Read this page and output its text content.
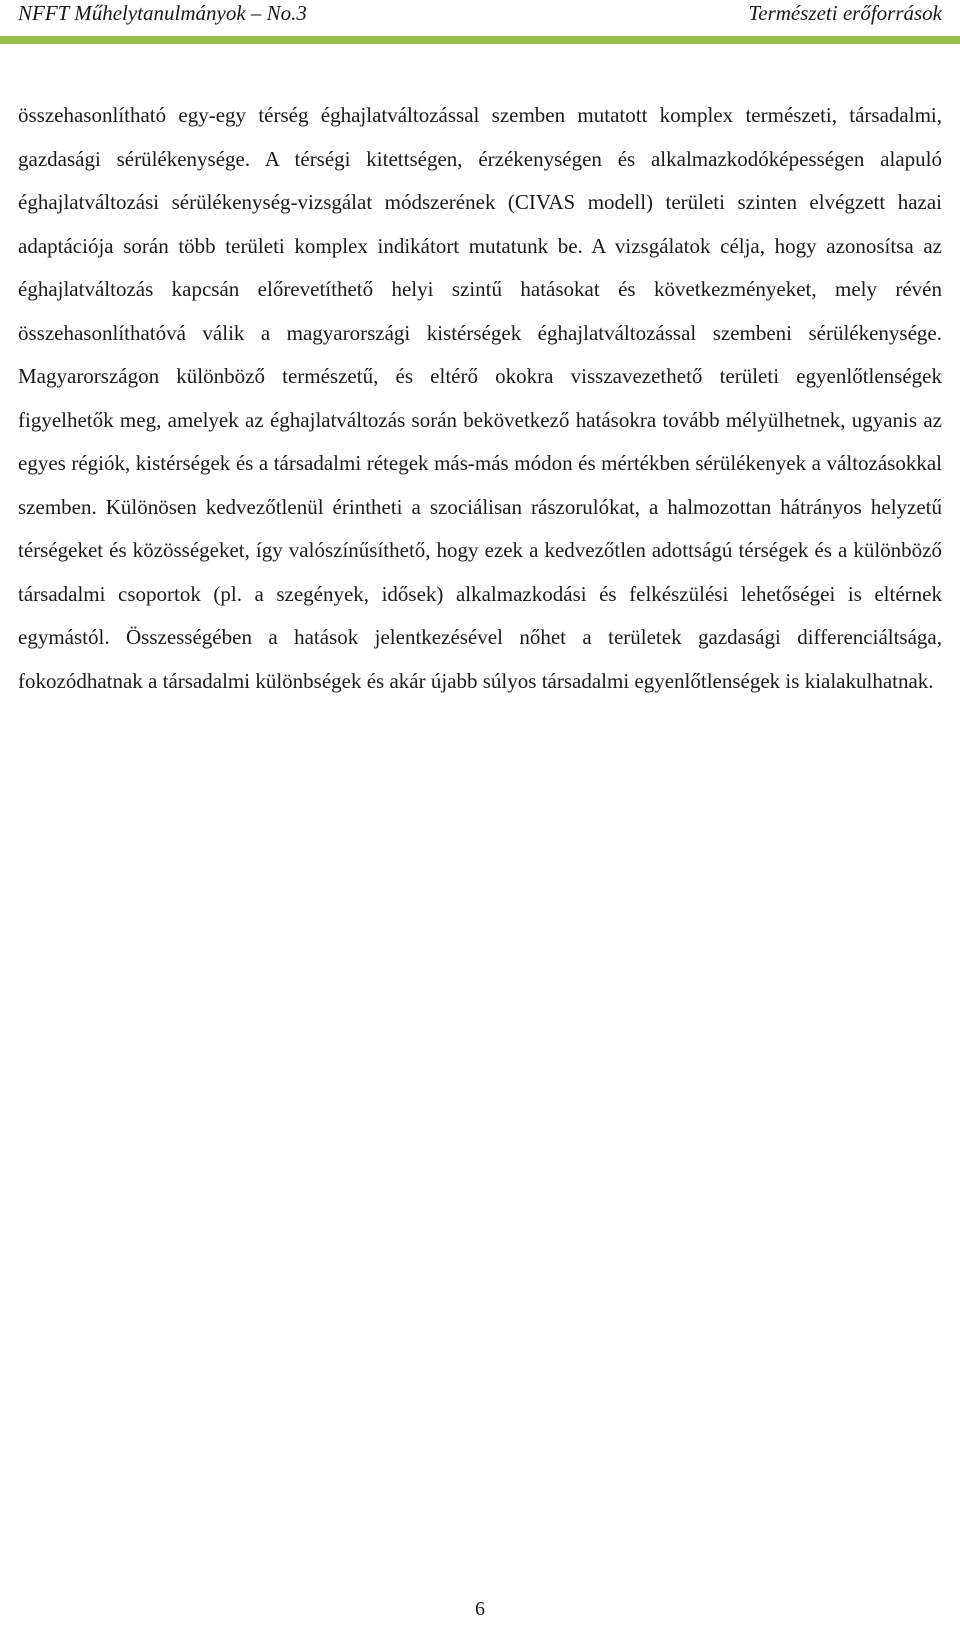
NFFT Műhelytanulmányok – No.3	Természeti erőforrások

összehasonlítható egy-egy térség éghajlatváltozással szemben mutatott komplex természeti, társadalmi, gazdasági sérülékenysége. A térségi kitettségen, érzékenységen és alkalmazkodóképességen alapuló éghajlatváltozási sérülékenység-vizsgálat módszerének (CIVAS modell) területi szinten elvégzett hazai adaptációja során több területi komplex indikátort mutatunk be. A vizsgálatok célja, hogy azonosítsa az éghajlatváltozás kapcsán előrevetíthető helyi szintű hatásokat és következményeket, mely révén összehasonlíthatóvá válik a magyarországi kistérségek éghajlatváltozással szembeni sérülékenysége. Magyarországon különböző természetű, és eltérő okokra visszavezethető területi egyenlőtlenségek figyelhetők meg, amelyek az éghajlatváltozás során bekövetkező hatásokra tovább mélyülhetnek, ugyanis az egyes régiók, kistérségek és a társadalmi rétegek más-más módon és mértékben sérülékenyek a változásokkal szemben. Különösen kedvezőtlenül érintheti a szociálisan rászorulókat, a halmozottan hátrányos helyzetű térségeket és közösségeket, így valószínűsíthető, hogy ezek a kedvezőtlen adottságú térségek és a különböző társadalmi csoportok (pl. a szegények, idősek) alkalmazkodási és felkészülési lehetőségei is eltérnek egymástól. Összességében a hatások jelentkezésével nőhet a területek gazdasági differenciáltsága, fokozódhatnak a társadalmi különbségek és akár újabb súlyos társadalmi egyenlőtlenségek is kialakulhatnak.

6
